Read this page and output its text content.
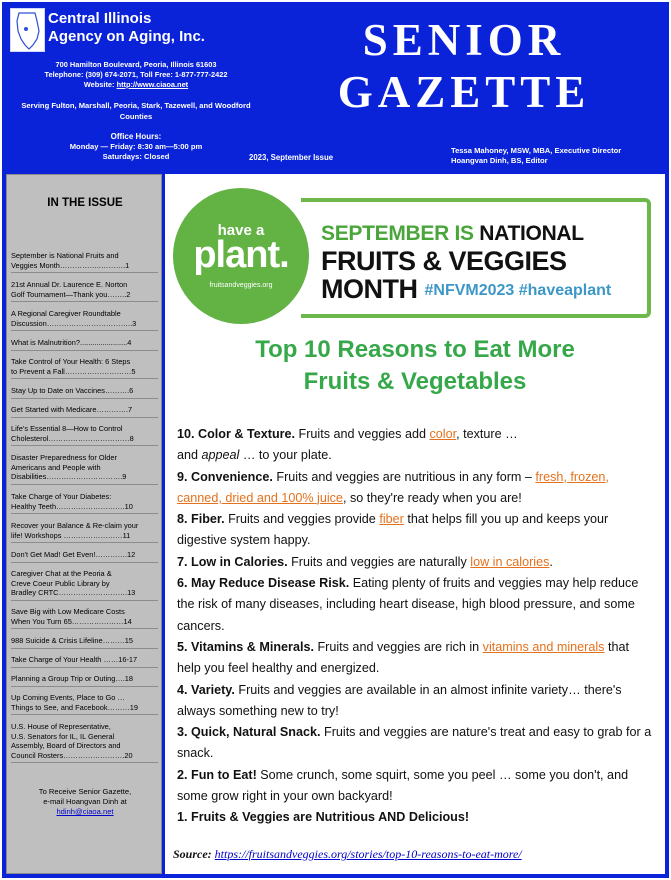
Central Illinois
Agency on Aging, Inc.
700 Hamilton Boulevard, Peoria, Illinois 61603
Telephone: (309) 674-2071, Toll Free: 1-877-777-2422
Website: http://www.ciaoa.net
Serving Fulton, Marshall, Peoria, Stark, Tazewell, and Woodford Counties
Office Hours:
Monday — Friday: 8:30 am—5:00 pm
Saturdays: Closed
SENIOR
GAZETTE
2023, September Issue
Tessa Mahoney, MSW, MBA, Executive Director
Hoangvan Dinh, BS, Editor
IN THE ISSUE
September is National Fruits and
Veggies Month……………..……….1
21st Annual Dr. Laurence E. Norton
Golf Tournament—Thank you……..2
A Regional Caregiver Roundtable
Discussion……………………………..3
What is Malnutrition?.......................4
Take Control of Your Health: 6 Steps
to Prevent a Fall………………………5
Stay Up to Date on Vaccines……….6
Get Started with Medicare………….7
Life's Essential 8—How to Control
Cholesterol……………………………8
Disaster Preparedness for Older
Americans and People with
Disabilities………………………….9
Take Charge of Your Diabetes:
Healthy Teeth……………………….10
Recover your Balance & Re-claim your
life! Workshops ……………………11
Don't Get Mad! Get Even!………….12
Caregiver Chat at the Peoria &
Creve Coeur Public Library by
Bradley CRTC……………………….13
Save Big with Low Medicare Costs
When You Turn 65…………………14
988 Suicide & Crisis Lifeline………15
Take Charge of Your Health ……16-17
Planning a Group Trip or Outing….18
Up Coming Events, Place to Go …
Things to See, and Facebook………19
U.S. House of Representative,
U.S. Senators for IL, IL General
Assembly, Board of Directors and
Council Rosters…………………….20
To Receive Senior Gazette,
e-mail Hoangvan Dinh at
hdinh@ciaoa.net
SEPTEMBER IS NATIONAL
FRUITS & VEGGIES
MONTH #NFVM2023 #haveaplant
have a
plant.
fruitsandveggies.org
Top 10 Reasons to Eat More
Fruits & Vegetables

10. Color & Texture. Fruits and veggies add color, texture …
and appeal … to your plate.

9. Convenience. Fruits and veggies are nutritious in any form – fresh, frozen, canned, dried and 100% juice, so they're ready when you are!

8. Fiber. Fruits and veggies provide fiber that helps fill you up and keeps your digestive system happy.

7. Low in Calories. Fruits and veggies are naturally low in calories.

6. May Reduce Disease Risk. Eating plenty of fruits and veggies may help reduce the risk of many diseases, including heart disease, high blood pressure, and some cancers.

5. Vitamins & Minerals. Fruits and veggies are rich in vitamins and minerals that help you feel healthy and energized.

4. Variety. Fruits and veggies are available in an almost infinite variety… there's always something new to try!

3. Quick, Natural Snack. Fruits and veggies are nature's treat and easy to grab for a snack.

2. Fun to Eat! Some crunch, some squirt, some you peel … some you don't, and some grow right in your own backyard!

1. Fruits & Veggies are Nutritious AND Delicious!

Source: https://fruitsandveggies.org/stories/top-10-reasons-to-eat-more/
